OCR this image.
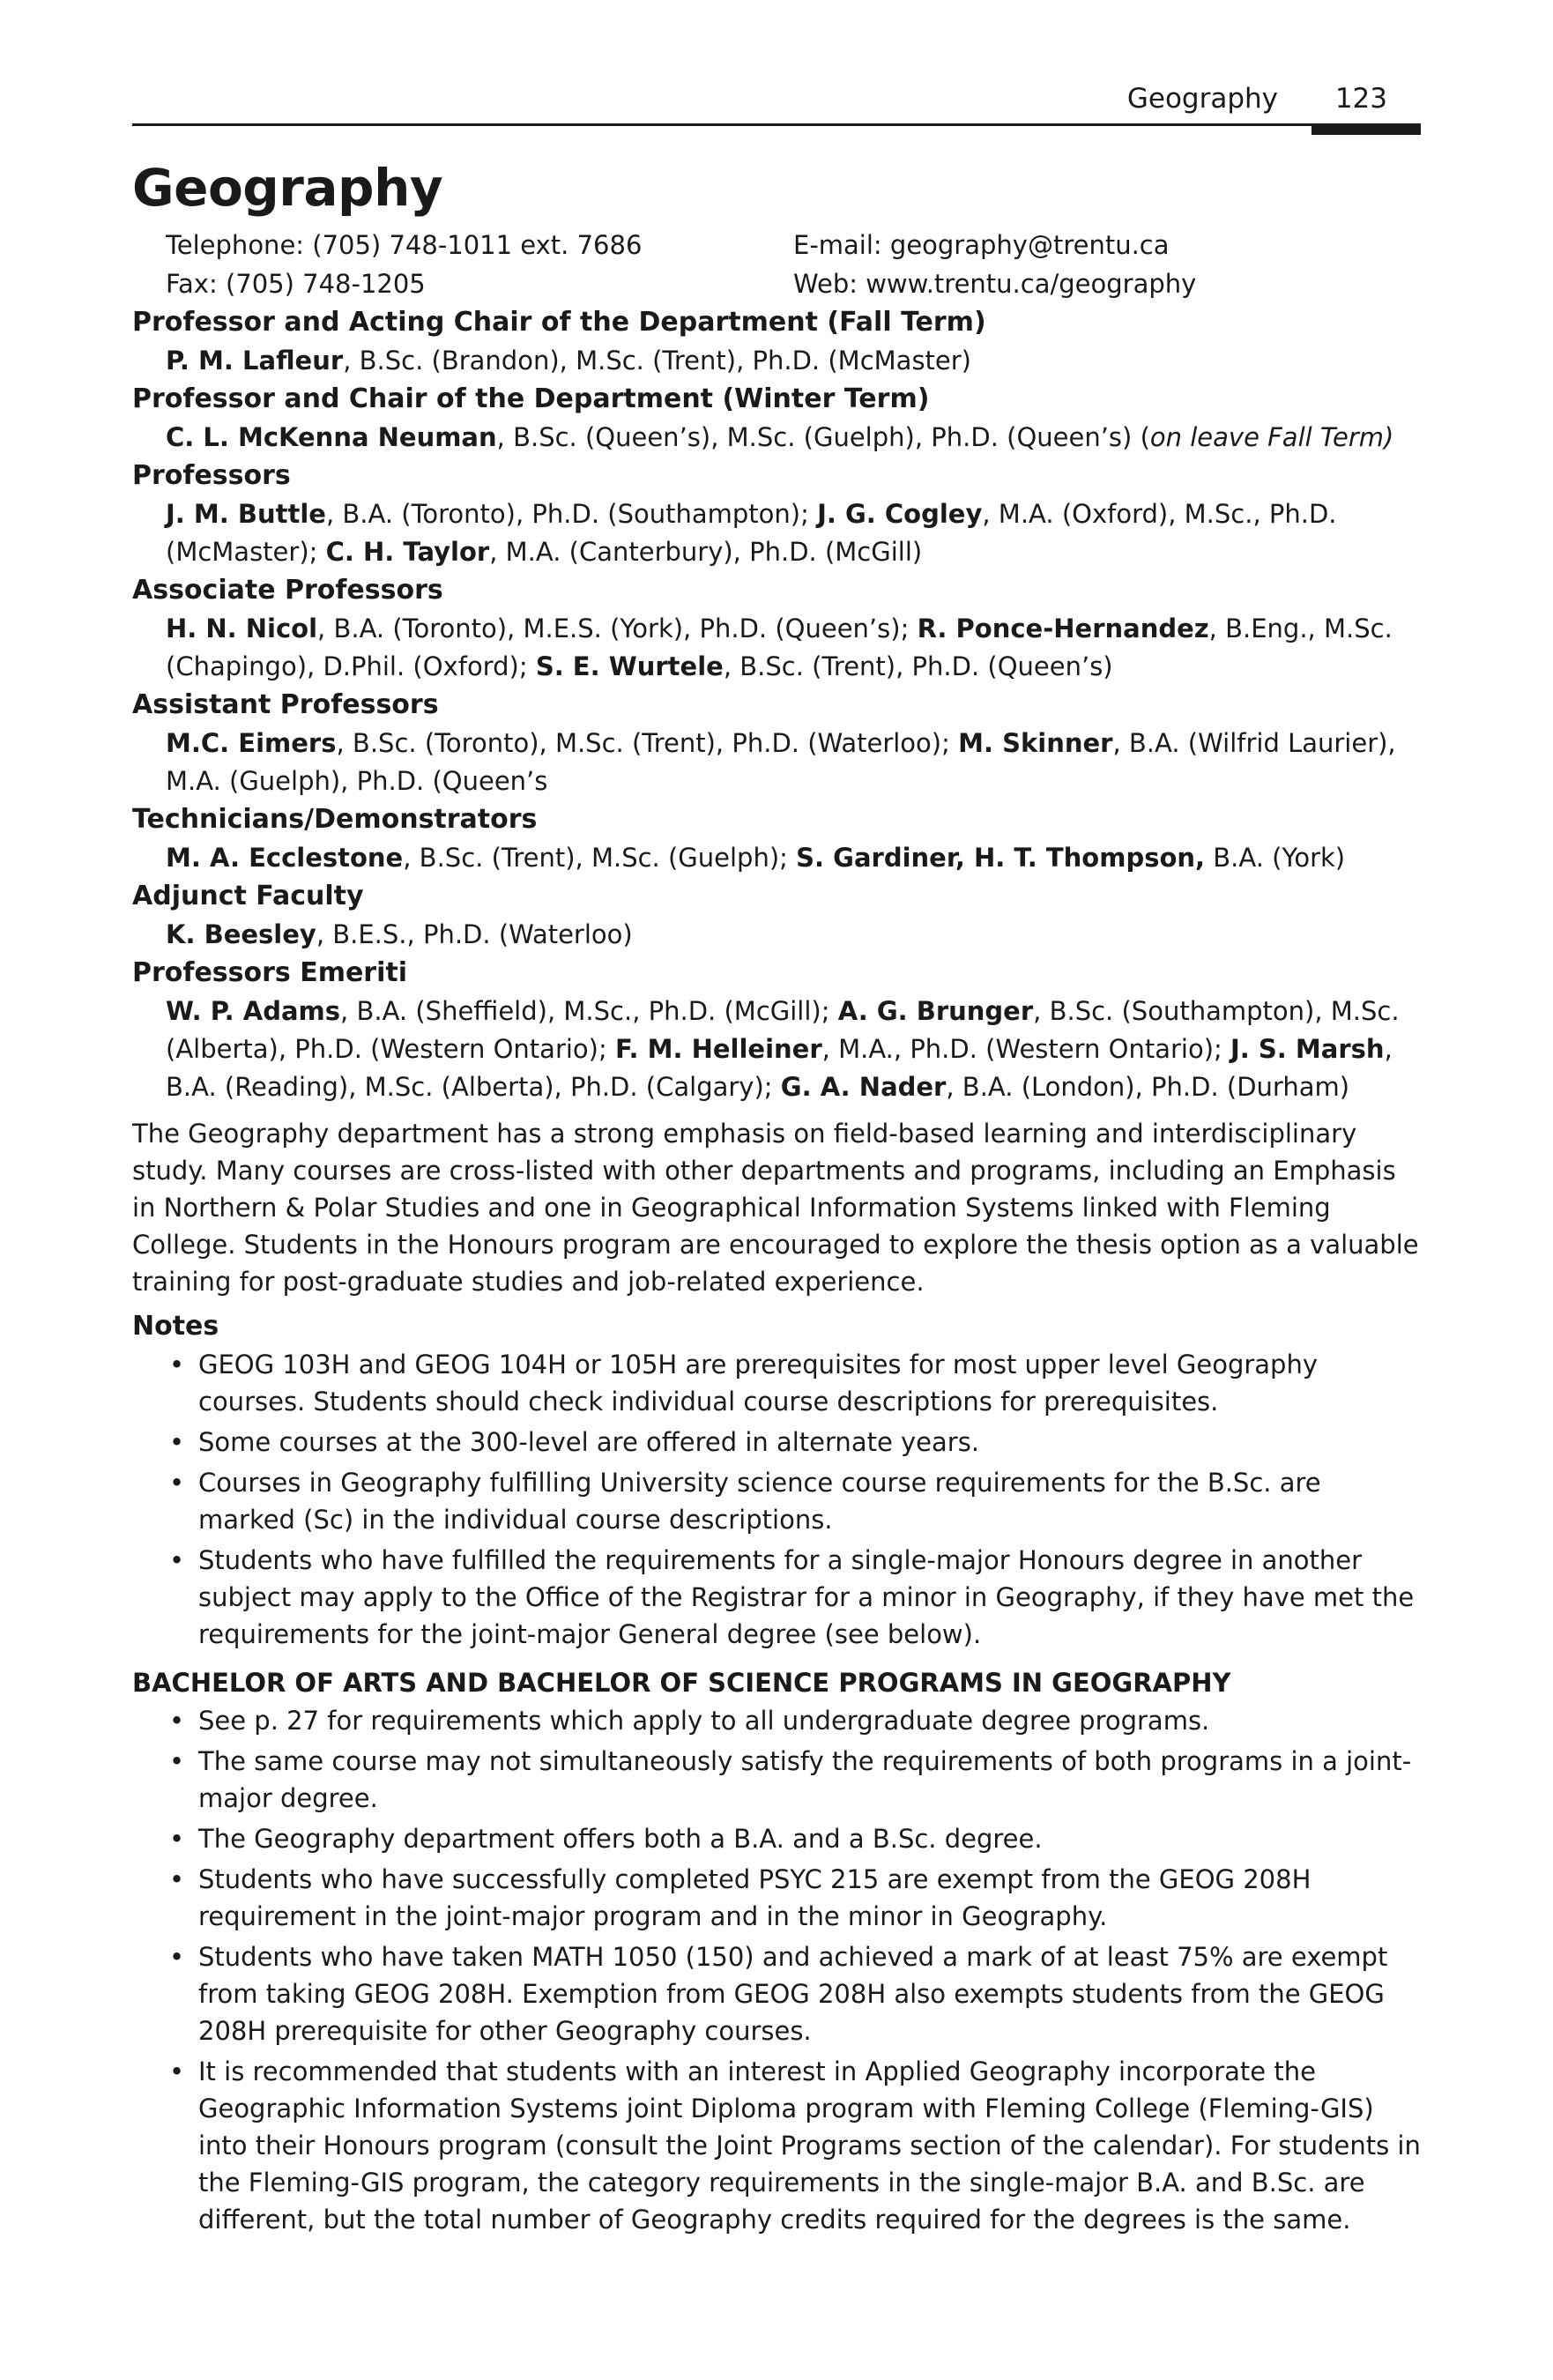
Geography 123
Geography
Telephone: (705) 748-1011 ext. 7686	E-mail: geography@trentu.ca
Fax: (705) 748-1205	Web: www.trentu.ca/geography
Professor and Acting Chair of the Department (Fall Term)
P. M. Lafleur, B.Sc. (Brandon), M.Sc. (Trent), Ph.D. (McMaster)
Professor and Chair of the Department (Winter Term)
C. L. McKenna Neuman, B.Sc. (Queen’s), M.Sc. (Guelph), Ph.D. (Queen’s) (on leave Fall Term)
Professors
J. M. Buttle, B.A. (Toronto), Ph.D. (Southampton); J. G. Cogley, M.A. (Oxford), M.Sc., Ph.D. (McMaster); C. H. Taylor, M.A. (Canterbury), Ph.D. (McGill)
Associate Professors
H. N. Nicol, B.A. (Toronto), M.E.S. (York), Ph.D. (Queen’s); R. Ponce-Hernandez, B.Eng., M.Sc. (Chapingo), D.Phil. (Oxford); S. E. Wurtele, B.Sc. (Trent), Ph.D. (Queen’s)
Assistant Professors
M.C. Eimers, B.Sc. (Toronto), M.Sc. (Trent), Ph.D. (Waterloo); M. Skinner, B.A. (Wilfrid Laurier), M.A. (Guelph), Ph.D. (Queen’s
Technicians/Demonstrators
M. A. Ecclestone, B.Sc. (Trent), M.Sc. (Guelph); S. Gardiner, H. T. Thompson, B.A. (York)
Adjunct Faculty
K. Beesley, B.E.S., Ph.D. (Waterloo)
Professors Emeriti
W. P. Adams, B.A. (Sheffield), M.Sc., Ph.D. (McGill); A. G. Brunger, B.Sc. (Southampton), M.Sc. (Alberta), Ph.D. (Western Ontario); F. M. Helleiner, M.A., Ph.D. (Western Ontario); J. S. Marsh, B.A. (Reading), M.Sc. (Alberta), Ph.D. (Calgary); G. A. Nader, B.A. (London), Ph.D. (Durham)

The Geography department has a strong emphasis on field-based learning and interdisciplinary study. Many courses are cross-listed with other departments and programs, including an Emphasis in Northern & Polar Studies and one in Geographical Information Systems linked with Fleming College. Students in the Honours program are encouraged to explore the thesis option as a valuable training for post-graduate studies and job-related experience.

Notes
• GEOG 103H and GEOG 104H or 105H are prerequisites for most upper level Geography courses. Students should check individual course descriptions for prerequisites.
• Some courses at the 300-level are offered in alternate years.
• Courses in Geography fulfilling University science course requirements for the B.Sc. are marked (Sc) in the individual course descriptions.
• Students who have fulfilled the requirements for a single-major Honours degree in another subject may apply to the Office of the Registrar for a minor in Geography, if they have met the requirements for the joint-major General degree (see below).
BACHELOR OF ARTS AND BACHELOR OF SCIENCE PROGRAMS IN GEOGRAPHY
• See p. 27 for requirements which apply to all undergraduate degree programs.
• The same course may not simultaneously satisfy the requirements of both programs in a joint-major degree.
• The Geography department offers both a B.A. and a B.Sc. degree.
• Students who have successfully completed PSYC 215 are exempt from the GEOG 208H requirement in the joint-major program and in the minor in Geography.
• Students who have taken MATH 1050 (150) and achieved a mark of at least 75% are exempt from taking GEOG 208H. Exemption from GEOG 208H also exempts students from the GEOG 208H prerequisite for other Geography courses.
• It is recommended that students with an interest in Applied Geography incorporate the Geographic Information Systems joint Diploma program with Fleming College (Fleming-GIS) into their Honours program (consult the Joint Programs section of the calendar). For students in the Fleming-GIS program, the category requirements in the single-major B.A. and B.Sc. are different, but the total number of Geography credits required for the degrees is the same.
